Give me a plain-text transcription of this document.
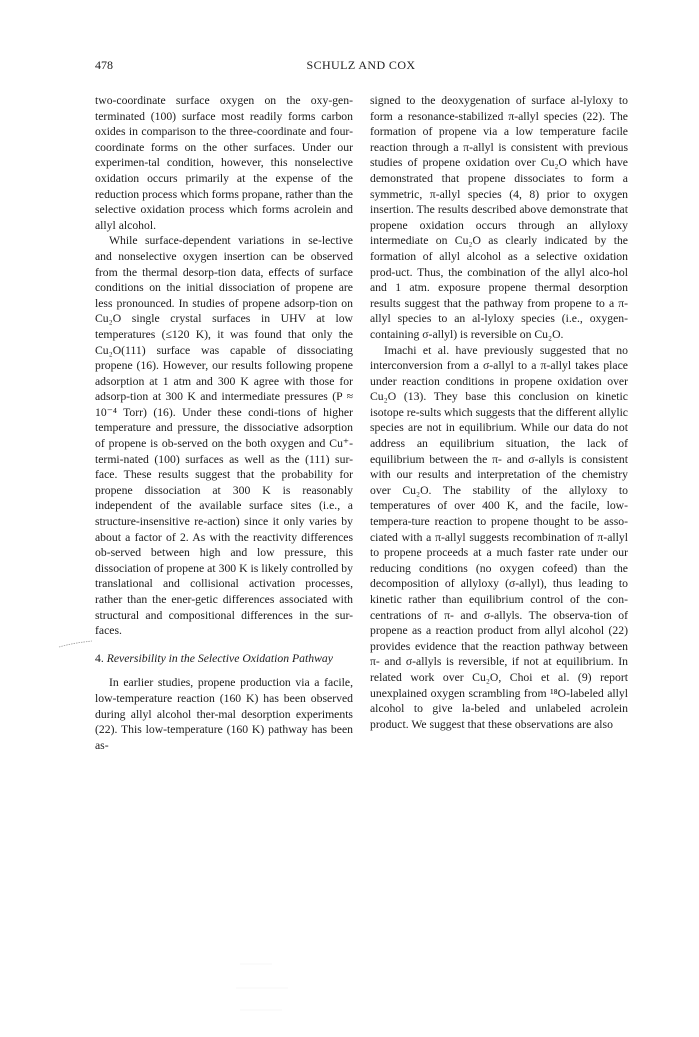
478	SCHULZ AND COX

two-coordinate surface oxygen on the oxy-gen-terminated (100) surface most readily forms carbon oxides in comparison to the three-coordinate and four-coordinate forms on the other surfaces. Under our experimen-tal condition, however, this nonselective oxidation occurs primarily at the expense of the reduction process which forms propane, rather than the selective oxidation process which forms acrolein and allyl alcohol.

While surface-dependent variations in se-lective and nonselective oxygen insertion can be observed from the thermal desorp-tion data, effects of surface conditions on the initial dissociation of propene are less pronounced. In studies of propene adsorp-tion on Cu₂O single crystal surfaces in UHV at low temperatures (≤120 K), it was found that only the Cu₂O(111) surface was capable of dissociating propene (16). However, our results following propene adsorption at 1 atm and 300 K agree with those for adsorp-tion at 300 K and intermediate pressures (P ≈ 10⁻⁴ Torr) (16). Under these condi-tions of higher temperature and pressure, the dissociative adsorption of propene is ob-served on the both oxygen and Cu⁺-termi-nated (100) surfaces as well as the (111) sur-face. These results suggest that the probability for propene dissociation at 300 K is reasonably independent of the available surface sites (i.e., a structure-insensitive re-action) since it only varies by about a factor of 2. As with the reactivity differences ob-served between high and low pressure, this dissociation of propene at 300 K is likely controlled by translational and collisional activation processes, rather than the ener-getic differences associated with structural and compositional differences in the sur-faces.

4. Reversibility in the Selective Oxidation Pathway

In earlier studies, propene production via a facile, low-temperature reaction (160 K) has been observed during allyl alcohol ther-mal desorption experiments (22). This low-temperature (160 K) pathway has been as-

signed to the deoxygenation of surface al-lyloxy to form a resonance-stabilized π-allyl species (22). The formation of propene via a low temperature facile reaction through a π-allyl is consistent with previous studies of propene oxidation over Cu₂O which have demonstrated that propene dissociates to form a symmetric, π-allyl species (4, 8) prior to oxygen insertion. The results described above demonstrate that propene oxidation occurs through an allyloxy intermediate on Cu₂O as clearly indicated by the formation of allyl alcohol as a selective oxidation prod-uct. Thus, the combination of the allyl alco-hol and 1 atm. exposure propene thermal desorption results suggest that the pathway from propene to a π-allyl species to an al-lyloxy species (i.e., oxygen-containing σ-allyl) is reversible on Cu₂O.

Imachi et al. have previously suggested that no interconversion from a σ-allyl to a π-allyl takes place under reaction conditions in propene oxidation over Cu₂O (13). They base this conclusion on kinetic isotope re-sults which suggests that the different allylic species are not in equilibrium. While our data do not address an equilibrium situation, the lack of equilibrium between the π- and σ-allyls is consistent with our results and interpretation of the chemistry over Cu₂O. The stability of the allyloxy to temperatures of over 400 K, and the facile, low-tempera-ture reaction to propene thought to be asso-ciated with a π-allyl suggests recombination of π-allyl to propene proceeds at a much faster rate under our reducing conditions (no oxygen cofeed) than the decomposition of allyloxy (σ-allyl), thus leading to kinetic rather than equilibrium control of the con-centrations of π- and σ-allyls. The observa-tion of propene as a reaction product from allyl alcohol (22) provides evidence that the reaction pathway between π- and σ-allyls is reversible, if not at equilibrium. In related work over Cu₂O, Choi et al. (9) report unexplained oxygen scrambling from ¹⁸O-labeled allyl alcohol to give la-beled and unlabeled acrolein product. We suggest that these observations are also
